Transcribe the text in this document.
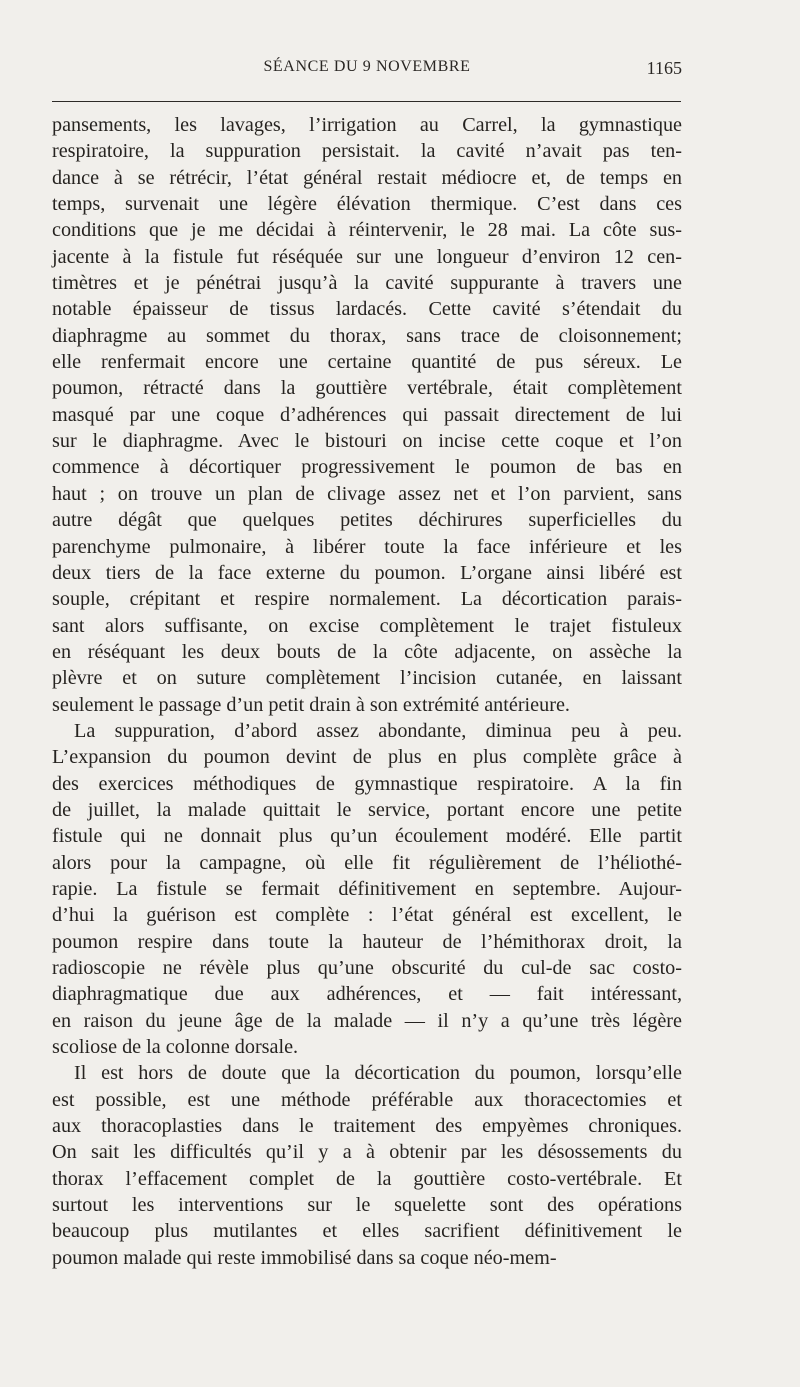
SÉANCE DU 9 NOVEMBRE	1165

pansements, les lavages, l’irrigation au Carrel, la gymnastique
respiratoire, la suppuration persistait. la cavité n’avait pas ten-
dance à se rétrécir, l’état général restait médiocre et, de temps en
temps, survenait une légère élévation thermique. C’est dans ces
conditions que je me décidai à réintervenir, le 28 mai. La côte sus-
jacente à la fistule fut réséquée sur une longueur d’environ 12 cen-
timètres et je pénétrai jusqu’à la cavité suppurante à travers une
notable épaisseur de tissus lardacés. Cette cavité s’étendait du
diaphragme au sommet du thorax, sans trace de cloisonnement;
elle renfermait encore une certaine quantité de pus séreux. Le
poumon, rétracté dans la gouttière vertébrale, était complètement
masqué par une coque d’adhérences qui passait directement de lui
sur le diaphragme. Avec le bistouri on incise cette coque et l’on
commence à décortiquer progressivement le poumon de bas en
haut ; on trouve un plan de clivage assez net et l’on parvient, sans
autre dégât que quelques petites déchirures superficielles du
parenchyme pulmonaire, à libérer toute la face inférieure et les
deux tiers de la face externe du poumon. L’organe ainsi libéré est
souple, crépitant et respire normalement. La décortication parais-
sant alors suffisante, on excise complètement le trajet fistuleux
en réséquant les deux bouts de la côte adjacente, on assèche la
plèvre et on suture complètement l’incision cutanée, en laissant
seulement le passage d’un petit drain à son extrémité antérieure.

La suppuration, d’abord assez abondante, diminua peu à peu.
L’expansion du poumon devint de plus en plus complète grâce à
des exercices méthodiques de gymnastique respiratoire. A la fin
de juillet, la malade quittait le service, portant encore une petite
fistule qui ne donnait plus qu’un écoulement modéré. Elle partit
alors pour la campagne, où elle fit régulièrement de l’héliothé-
rapie. La fistule se fermait définitivement en septembre. Aujour-
d’hui la guérison est complète : l’état général est excellent, le
poumon respire dans toute la hauteur de l’hémithorax droit, la
radioscopie ne révèle plus qu’une obscurité du cul-de sac costo-
diaphragmatique due aux adhérences, et — fait intéressant,
en raison du jeune âge de la malade — il n’y a qu’une très légère
scoliose de la colonne dorsale.

Il est hors de doute que la décortication du poumon, lorsqu’elle
est possible, est une méthode préférable aux thoracectomies et
aux thoracoplasties dans le traitement des empyèmes chroniques.
On sait les difficultés qu’il y a à obtenir par les désossements du
thorax l’effacement complet de la gouttière costo-vertébrale. Et
surtout les interventions sur le squelette sont des opérations
beaucoup plus mutilantes et elles sacrifient définitivement le
poumon malade qui reste immobilisé dans sa coque néo-mem-
